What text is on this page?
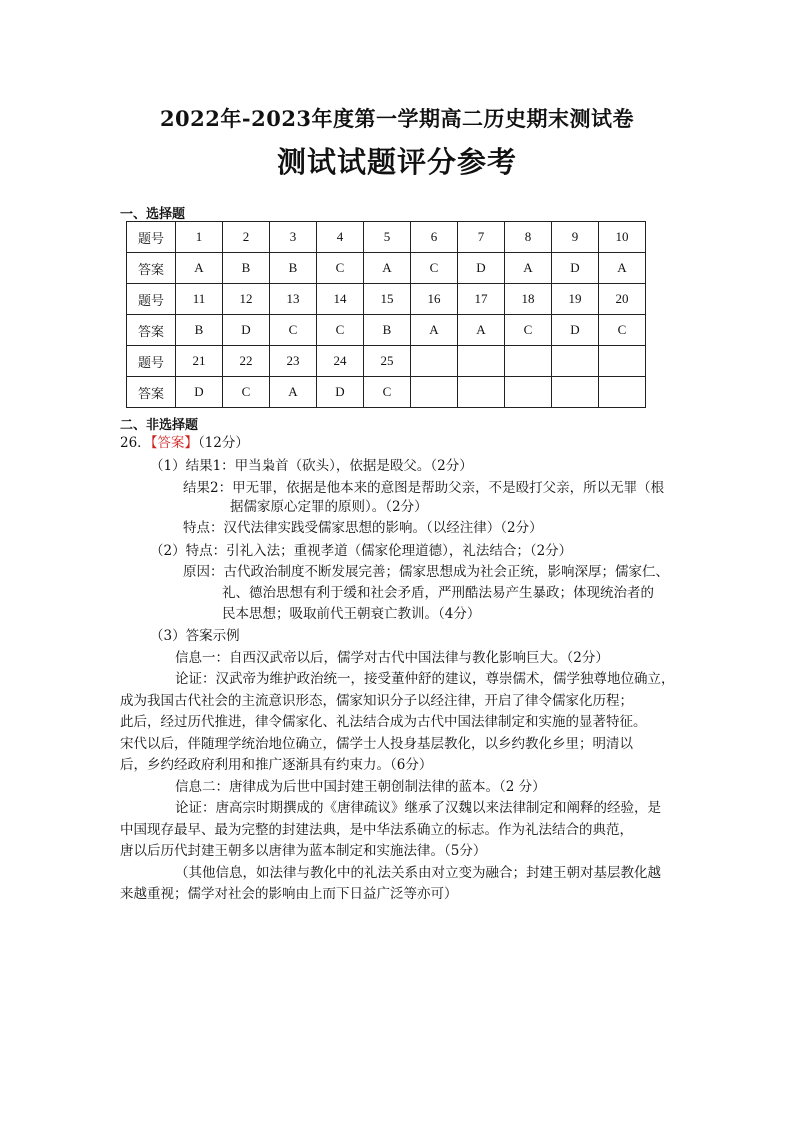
2022年-2023年度第一学期高二历史期末测试卷
测试试题评分参考
一、选择题
题号	1	2	3	4	5	6	7	8	9	10
答案	A	B	B	C	A	C	D	A	D	A
题号	11	12	13	14	15	16	17	18	19	20
答案	B	D	C	C	B	A	A	C	D	C
题号	21	22	23	24	25					
答案	D	C	A	D	C					
二、非选择题
26．【答案】（12分）
（1）结果1：甲当枭首（砍头），依据是殴父。（2分）
结果2：甲无罪，依据是他本来的意图是帮助父亲，不是殴打父亲，所以无罪（根
据儒家原心定罪的原则）。（2分）
特点：汉代法律实践受儒家思想的影响。（以经注律）（2分）
（2）特点：引礼入法；重视孝道（儒家伦理道德），礼法结合；（2分）
原因：古代政治制度不断发展完善；儒家思想成为社会正统，影响深厚；儒家仁、
礼、德治思想有利于缓和社会矛盾，严刑酷法易产生暴政；体现统治者的
民本思想；吸取前代王朝衰亡教训。（4分）
（3）答案示例
信息一：自西汉武帝以后，儒学对古代中国法律与教化影响巨大。（2分）
论证：汉武帝为维护政治统一，接受董仲舒的建议，尊崇儒术，儒学独尊地位确立，
成为我国古代社会的主流意识形态，儒家知识分子以经注律，开启了律令儒家化历程；
此后，经过历代推进，律令儒家化、礼法结合成为古代中国法律制定和实施的显著特征。
宋代以后，伴随理学统治地位确立，儒学士人投身基层教化，以乡约教化乡里；明清以
后，乡约经政府利用和推广逐渐具有约束力。（6分）
信息二：唐律成为后世中国封建王朝创制法律的蓝本。（2 分）
论证：唐高宗时期撰成的《唐律疏议》继承了汉魏以来法律制定和阐释的经验，是
中国现存最早、最为完整的封建法典，是中华法系确立的标志。作为礼法结合的典范，
唐以后历代封建王朝多以唐律为蓝本制定和实施法律。（5分）
（其他信息，如法律与教化中的礼法关系由对立变为融合；封建王朝对基层教化越
来越重视；儒学对社会的影响由上而下日益广泛等亦可）
